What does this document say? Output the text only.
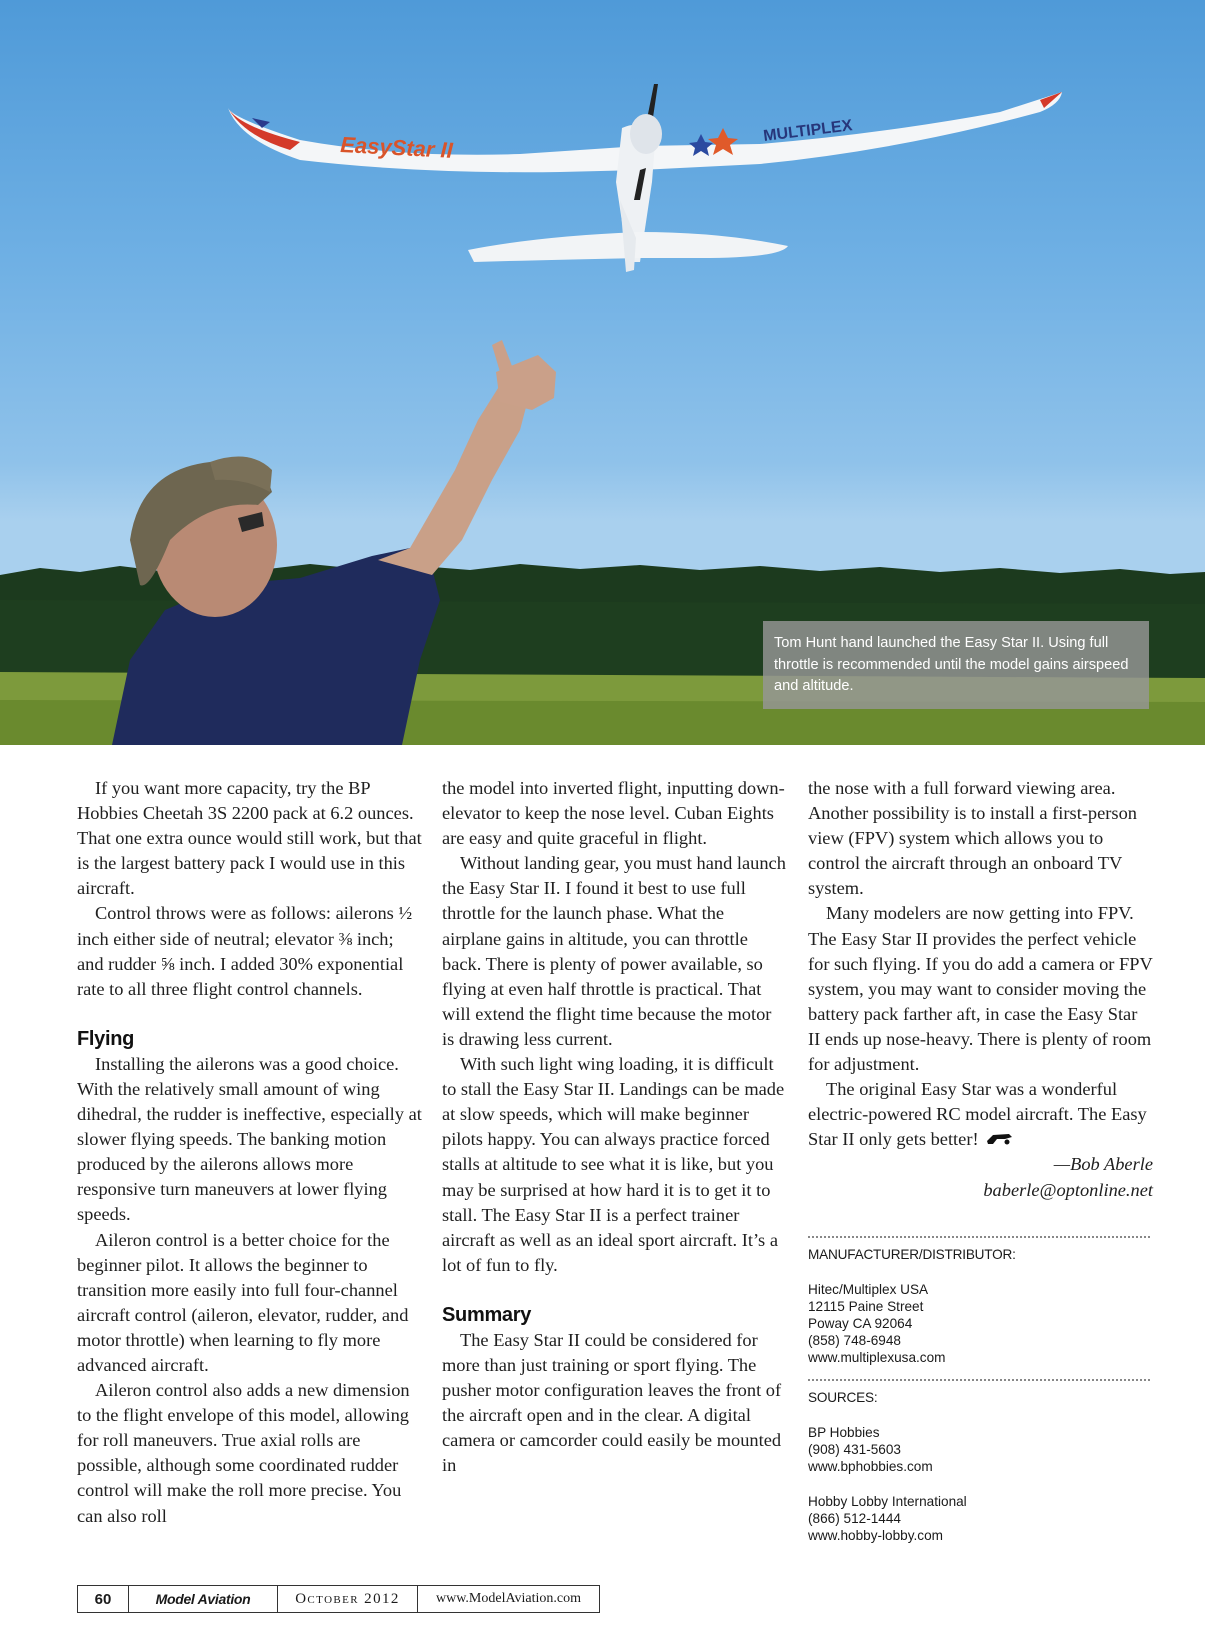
EasyStar II
MULTIPLEX
Tom Hunt hand launched the Easy Star II. Using full throttle is recommended until the model gains airspeed and altitude.

If you want more capacity, try the BP Hobbies Cheetah 3S 2200 pack at 6.2 ounces. That one extra ounce would still work, but that is the largest battery pack I would use in this aircraft.

Control throws were as follows: ailerons ½ inch either side of neutral; elevator ⅜ inch; and rudder ⅝ inch. I added 30% exponential rate to all three flight control channels.

Flying

Installing the ailerons was a good choice. With the relatively small amount of wing dihedral, the rudder is ineffective, especially at slower flying speeds. The banking motion produced by the ailerons allows more responsive turn maneuvers at lower flying speeds.

Aileron control is a better choice for the beginner pilot. It allows the beginner to transition more easily into full four-channel aircraft control (aileron, elevator, rudder, and motor throttle) when learning to fly more advanced aircraft.

Aileron control also adds a new dimension to the flight envelope of this model, allowing for roll maneuvers. True axial rolls are possible, although some coordinated rudder control will make the roll more precise. You can also roll

the model into inverted flight, inputting down-elevator to keep the nose level. Cuban Eights are easy and quite graceful in flight.

Without landing gear, you must hand launch the Easy Star II. I found it best to use full throttle for the launch phase. What the airplane gains in altitude, you can throttle back. There is plenty of power available, so flying at even half throttle is practical. That will extend the flight time because the motor is drawing less current.

With such light wing loading, it is difficult to stall the Easy Star II. Landings can be made at slow speeds, which will make beginner pilots happy. You can always practice forced stalls at altitude to see what it is like, but you may be surprised at how hard it is to get it to stall. The Easy Star II is a perfect trainer aircraft as well as an ideal sport aircraft. It’s a lot of fun to fly.

Summary

The Easy Star II could be considered for more than just training or sport flying. The pusher motor configuration leaves the front of the aircraft open and in the clear. A digital camera or camcorder could easily be mounted in

the nose with a full forward viewing area. Another possibility is to install a first-person view (FPV) system which allows you to control the aircraft through an onboard TV system.

Many modelers are now getting into FPV. The Easy Star II provides the perfect vehicle for such flying. If you do add a camera or FPV system, you may want to consider moving the battery pack farther aft, in case the Easy Star II ends up nose-heavy. There is plenty of room for adjustment.

The original Easy Star was a wonderful electric-powered RC model aircraft. The Easy Star II only gets better!

—Bob Aberle

baberle@optonline.net

MANUFACTURER/DISTRIBUTOR:
Hitec/Multiplex USA
12115 Paine Street
Poway CA 92064
(858) 748-6948
www.multiplexusa.com
SOURCES:
BP Hobbies
(908) 431-5603
www.bphobbies.com
Hobby Lobby International
(866) 512-1444
www.hobby-lobby.com
60	Model Aviation	October 2012	www.ModelAviation.com
